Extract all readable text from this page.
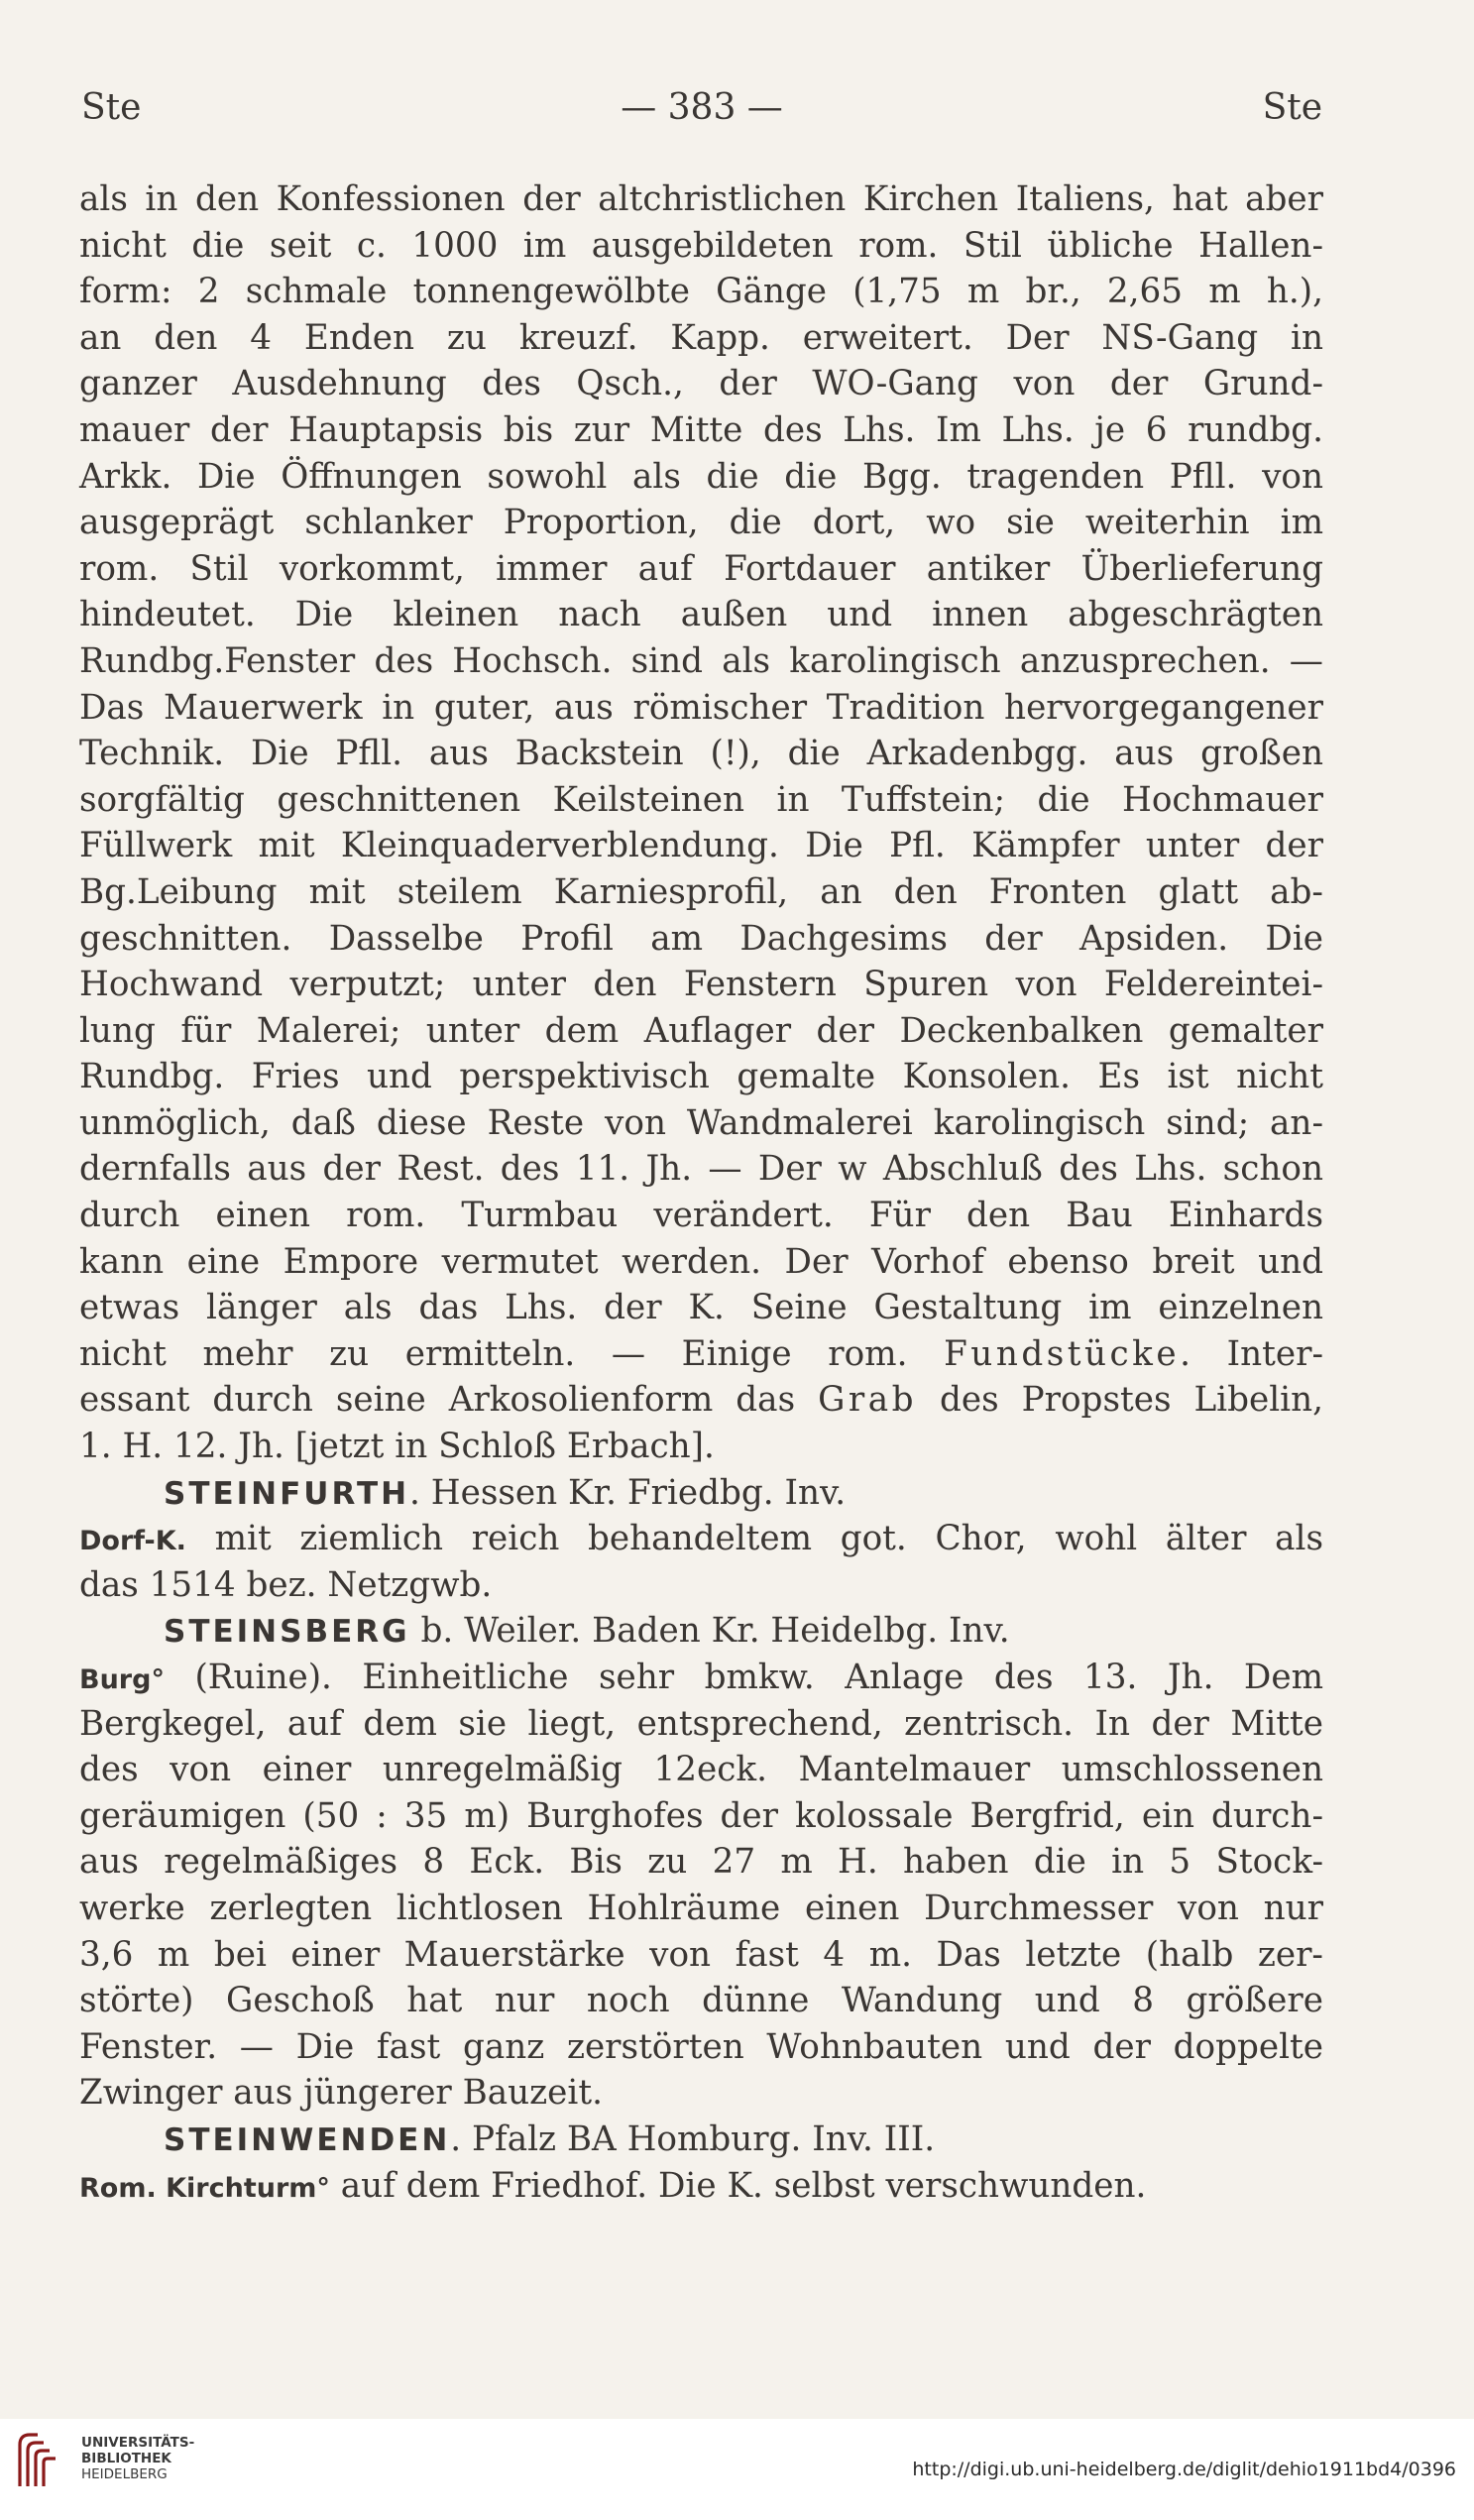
Ste	— 383 —	Ste
als in den Konfessionen der altchristlichen Kirchen Italiens, hat aber
nicht die seit c. 1000 im ausgebildeten rom. Stil übliche Hallen-
form: 2 schmale tonnengewölbte Gänge (1,75 m br., 2,65 m h.),
an den 4 Enden zu kreuzf. Kapp. erweitert. Der NS-Gang in
ganzer Ausdehnung des Qsch., der WO-Gang von der Grund-
mauer der Hauptapsis bis zur Mitte des Lhs. Im Lhs. je 6 rundbg.
Arkk. Die Öffnungen sowohl als die die Bgg. tragenden Pfll. von
ausgeprägt schlanker Proportion, die dort, wo sie weiterhin im
rom. Stil vorkommt, immer auf Fortdauer antiker Überlieferung
hindeutet. Die kleinen nach außen und innen abgeschrägten
Rundbg.Fenster des Hochsch. sind als karolingisch anzusprechen. —
Das Mauerwerk in guter, aus römischer Tradition hervorgegangener
Technik. Die Pfll. aus Backstein (!), die Arkadenbgg. aus großen
sorgfältig geschnittenen Keilsteinen in Tuffstein; die Hochmauer
Füllwerk mit Kleinquaderverblendung. Die Pfl. Kämpfer unter der
Bg.Leibung mit steilem Karniesprofil, an den Fronten glatt ab-
geschnitten. Dasselbe Profil am Dachgesims der Apsiden. Die
Hochwand verputzt; unter den Fenstern Spuren von Feldereintei-
lung für Malerei; unter dem Auflager der Deckenbalken gemalter
Rundbg. Fries und perspektivisch gemalte Konsolen. Es ist nicht
unmöglich, daß diese Reste von Wandmalerei karolingisch sind; an-
dernfalls aus der Rest. des 11. Jh. — Der w Abschluß des Lhs. schon
durch einen rom. Turmbau verändert. Für den Bau Einhards
kann eine Empore vermutet werden. Der Vorhof ebenso breit und
etwas länger als das Lhs. der K. Seine Gestaltung im einzelnen
nicht mehr zu ermitteln. — Einige rom. Fundstücke. Inter-
essant durch seine Arkosolienform das Grab des Propstes Libelin,
1. H. 12. Jh. [jetzt in Schloß Erbach].
STEINFURTH. Hessen Kr. Friedbg. Inv.
Dorf-K. mit ziemlich reich behandeltem got. Chor, wohl älter als
das 1514 bez. Netzgwb.
STEINSBERG b. Weiler. Baden Kr. Heidelbg. Inv.
Burg° (Ruine). Einheitliche sehr bmkw. Anlage des 13. Jh. Dem
Bergkegel, auf dem sie liegt, entsprechend, zentrisch. In der Mitte
des von einer unregelmäßig 12eck. Mantelmauer umschlossenen
geräumigen (50 : 35 m) Burghofes der kolossale Bergfrid, ein durch-
aus regelmäßiges 8 Eck. Bis zu 27 m H. haben die in 5 Stock-
werke zerlegten lichtlosen Hohlräume einen Durchmesser von nur
3,6 m bei einer Mauerstärke von fast 4 m. Das letzte (halb zer-
störte) Geschoß hat nur noch dünne Wandung und 8 größere
Fenster. — Die fast ganz zerstörten Wohnbauten und der doppelte
Zwinger aus jüngerer Bauzeit.
STEINWENDEN. Pfalz BA Homburg. Inv. III.
Rom. Kirchturm° auf dem Friedhof. Die K. selbst verschwunden.
UNIVERSITÄTS-
BIBLIOTHEK
HEIDELBERG	http://digi.ub.uni-heidelberg.de/diglit/dehio1911bd4/0396
